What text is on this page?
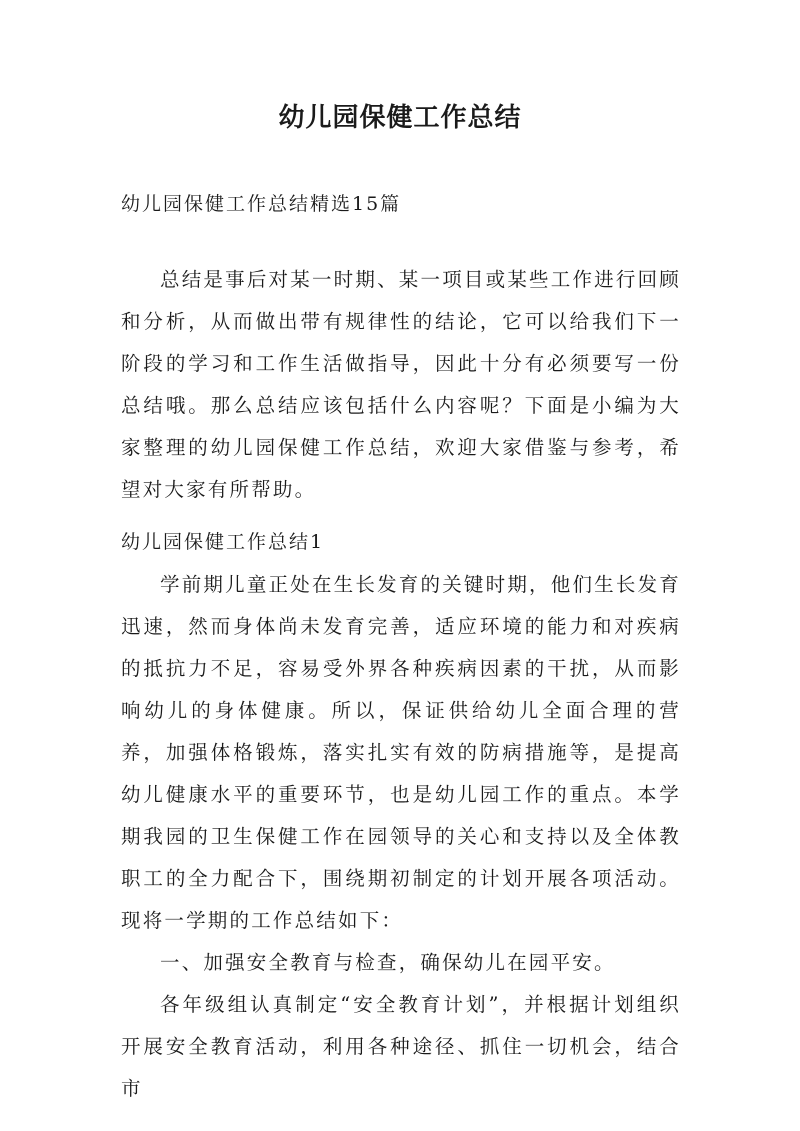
幼儿园保健工作总结
幼儿园保健工作总结精选15篇

总结是事后对某一时期、某一项目或某些工作进行回顾和分析，从而做出带有规律性的结论，它可以给我们下一阶段的学习和工作生活做指导，因此十分有必须要写一份总结哦。那么总结应该包括什么内容呢？下面是小编为大家整理的幼儿园保健工作总结，欢迎大家借鉴与参考，希望对大家有所帮助。

幼儿园保健工作总结1

学前期儿童正处在生长发育的关键时期，他们生长发育迅速，然而身体尚未发育完善，适应环境的能力和对疾病的抵抗力不足，容易受外界各种疾病因素的干扰，从而影响幼儿的身体健康。所以，保证供给幼儿全面合理的营养，加强体格锻炼，落实扎实有效的防病措施等，是提高幼儿健康水平的重要环节，也是幼儿园工作的重点。本学期我园的卫生保健工作在园领导的关心和支持以及全体教职工的全力配合下，围绕期初制定的计划开展各项活动。现将一学期的工作总结如下：

一、加强安全教育与检查，确保幼儿在园平安。

各年级组认真制定“安全教育计划”，并根据计划组织开展安全教育活动，利用各种途径、抓住一切机会，结合市
